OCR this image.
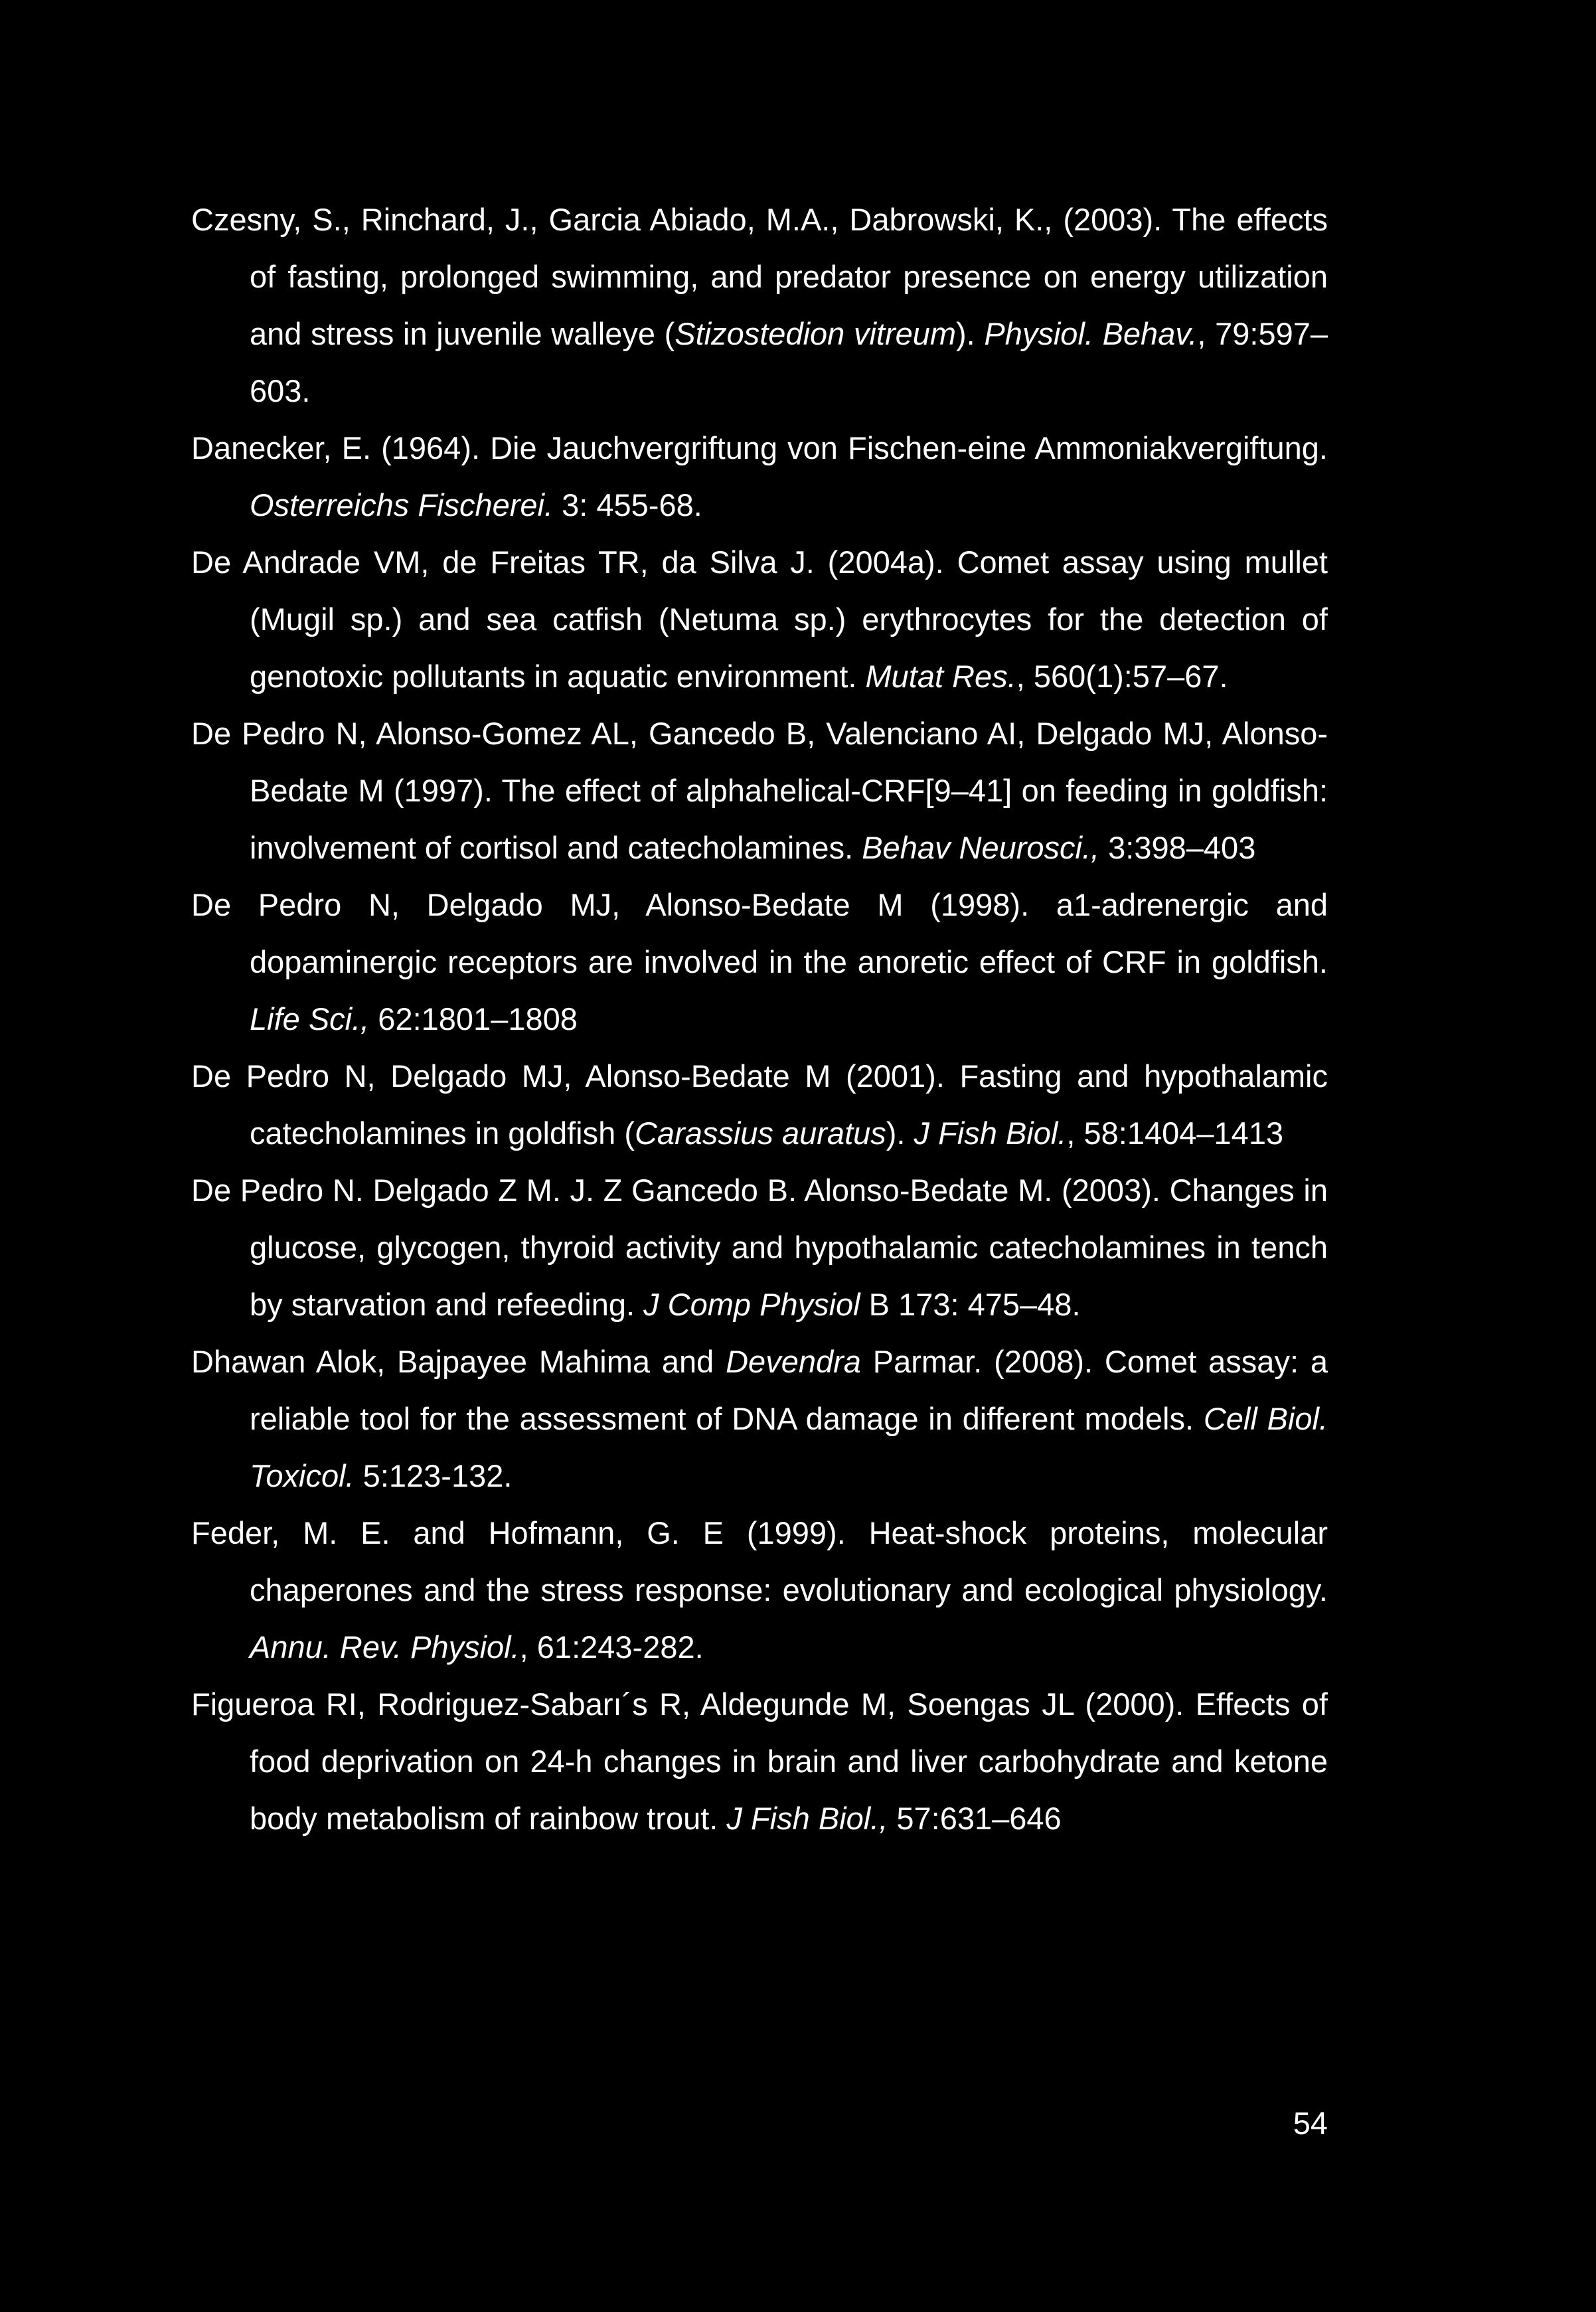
Czesny, S., Rinchard, J., Garcia Abiado, M.A., Dabrowski, K., (2003). The effects of fasting, prolonged swimming, and predator presence on energy utilization and stress in juvenile walleye (Stizostedion vitreum). Physiol. Behav., 79:597–603.

Danecker, E. (1964). Die Jauchvergriftung von Fischen-eine Ammoniakvergiftung. Osterreichs Fischerei. 3: 455-68.

De Andrade VM, de Freitas TR, da Silva J. (2004a). Comet assay using mullet (Mugil sp.) and sea catfish (Netuma sp.) erythrocytes for the detection of genotoxic pollutants in aquatic environment. Mutat Res., 560(1):57–67.

De Pedro N, Alonso-Gomez AL, Gancedo B, Valenciano AI, Delgado MJ, Alonso-Bedate M (1997). The effect of alphahelical-CRF[9–41] on feeding in goldfish: involvement of cortisol and catecholamines. Behav Neurosci., 3:398–403

De Pedro N, Delgado MJ, Alonso-Bedate M (1998). a1-adrenergic and dopaminergic receptors are involved in the anoretic effect of CRF in goldfish. Life Sci., 62:1801–1808

De Pedro N, Delgado MJ, Alonso-Bedate M (2001). Fasting and hypothalamic catecholamines in goldfish (Carassius auratus). J Fish Biol., 58:1404–1413

De Pedro N. Delgado Z M. J. Z Gancedo B. Alonso-Bedate M. (2003). Changes in glucose, glycogen, thyroid activity and hypothalamic catecholamines in tench by starvation and refeeding. J Comp Physiol B 173: 475–48.

Dhawan Alok, Bajpayee Mahima and Devendra Parmar. (2008). Comet assay: a reliable tool for the assessment of DNA damage in different models. Cell Biol. Toxicol. 5:123-132.

Feder, M. E. and Hofmann, G. E (1999). Heat-shock proteins, molecular chaperones and the stress response: evolutionary and ecological physiology. Annu. Rev. Physiol., 61:243-282.

Figueroa RI, Rodriguez-Sabarı´s R, Aldegunde M, Soengas JL (2000). Effects of food deprivation on 24-h changes in brain and liver carbohydrate and ketone body metabolism of rainbow trout. J Fish Biol., 57:631–646

54
